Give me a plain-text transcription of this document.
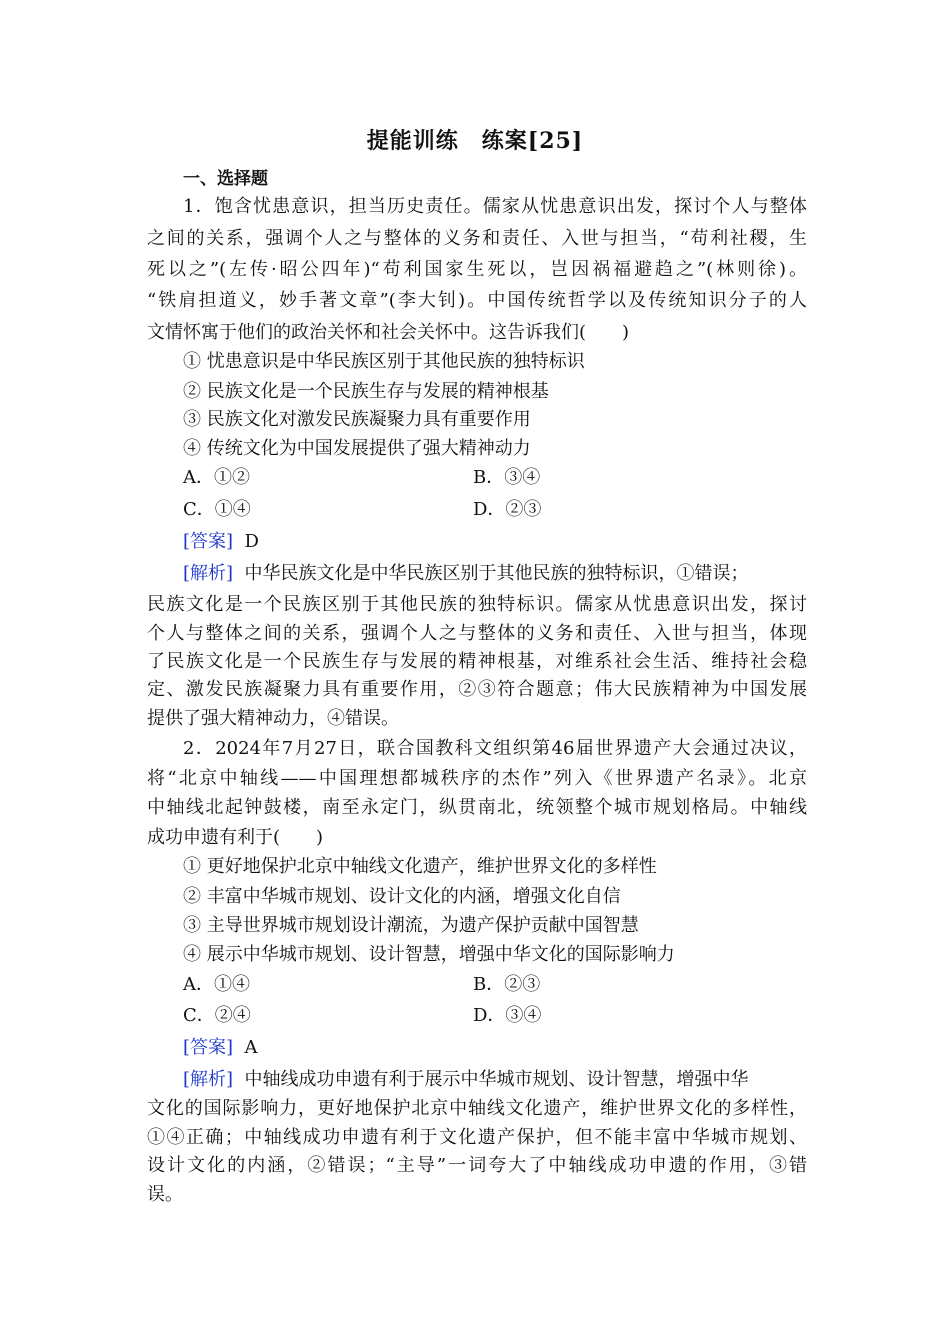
提能训练　练案[25]
一、选择题
1．饱含忧患意识，担当历史责任。儒家从忧患意识出发，探讨个人与整体
之间的关系，强调个人之与整体的义务和责任、入世与担当，“苟利社稷，生
死以之”(左传·昭公四年)“苟利国家生死以，岂因祸福避趋之”(林则徐)。
“铁肩担道义，妙手著文章”(李大钊)。中国传统哲学以及传统知识分子的人
文情怀寓于他们的政治关怀和社会关怀中。这告诉我们(　　)
① 忧患意识是中华民族区别于其他民族的独特标识
② 民族文化是一个民族生存与发展的精神根基
③ 民族文化对激发民族凝聚力具有重要作用
④ 传统文化为中国发展提供了强大精神动力
A．①②	B．③④
C．①④	D．②③
[答案] D
[解析] 中华民族文化是中华民族区别于其他民族的独特标识，①错误；
民族文化是一个民族区别于其他民族的独特标识。儒家从忧患意识出发，探讨
个人与整体之间的关系，强调个人之与整体的义务和责任、入世与担当，体现
了民族文化是一个民族生存与发展的精神根基，对维系社会生活、维持社会稳
定、激发民族凝聚力具有重要作用，②③符合题意；伟大民族精神为中国发展
提供了强大精神动力，④错误。
2．2024年7月27日，联合国教科文组织第46届世界遗产大会通过决议，
将“北京中轴线——中国理想都城秩序的杰作”列入《世界遗产名录》。北京
中轴线北起钟鼓楼，南至永定门，纵贯南北，统领整个城市规划格局。中轴线
成功申遗有利于(　　)
① 更好地保护北京中轴线文化遗产，维护世界文化的多样性
② 丰富中华城市规划、设计文化的内涵，增强文化自信
③ 主导世界城市规划设计潮流，为遗产保护贡献中国智慧
④ 展示中华城市规划、设计智慧，增强中华文化的国际影响力
A．①④	B．②③
C．②④	D．③④
[答案] A
[解析] 中轴线成功申遗有利于展示中华城市规划、设计智慧，增强中华
文化的国际影响力，更好地保护北京中轴线文化遗产，维护世界文化的多样性，
①④正确；中轴线成功申遗有利于文化遗产保护，但不能丰富中华城市规划、
设计文化的内涵，②错误；“主导”一词夸大了中轴线成功申遗的作用，③错
误。
